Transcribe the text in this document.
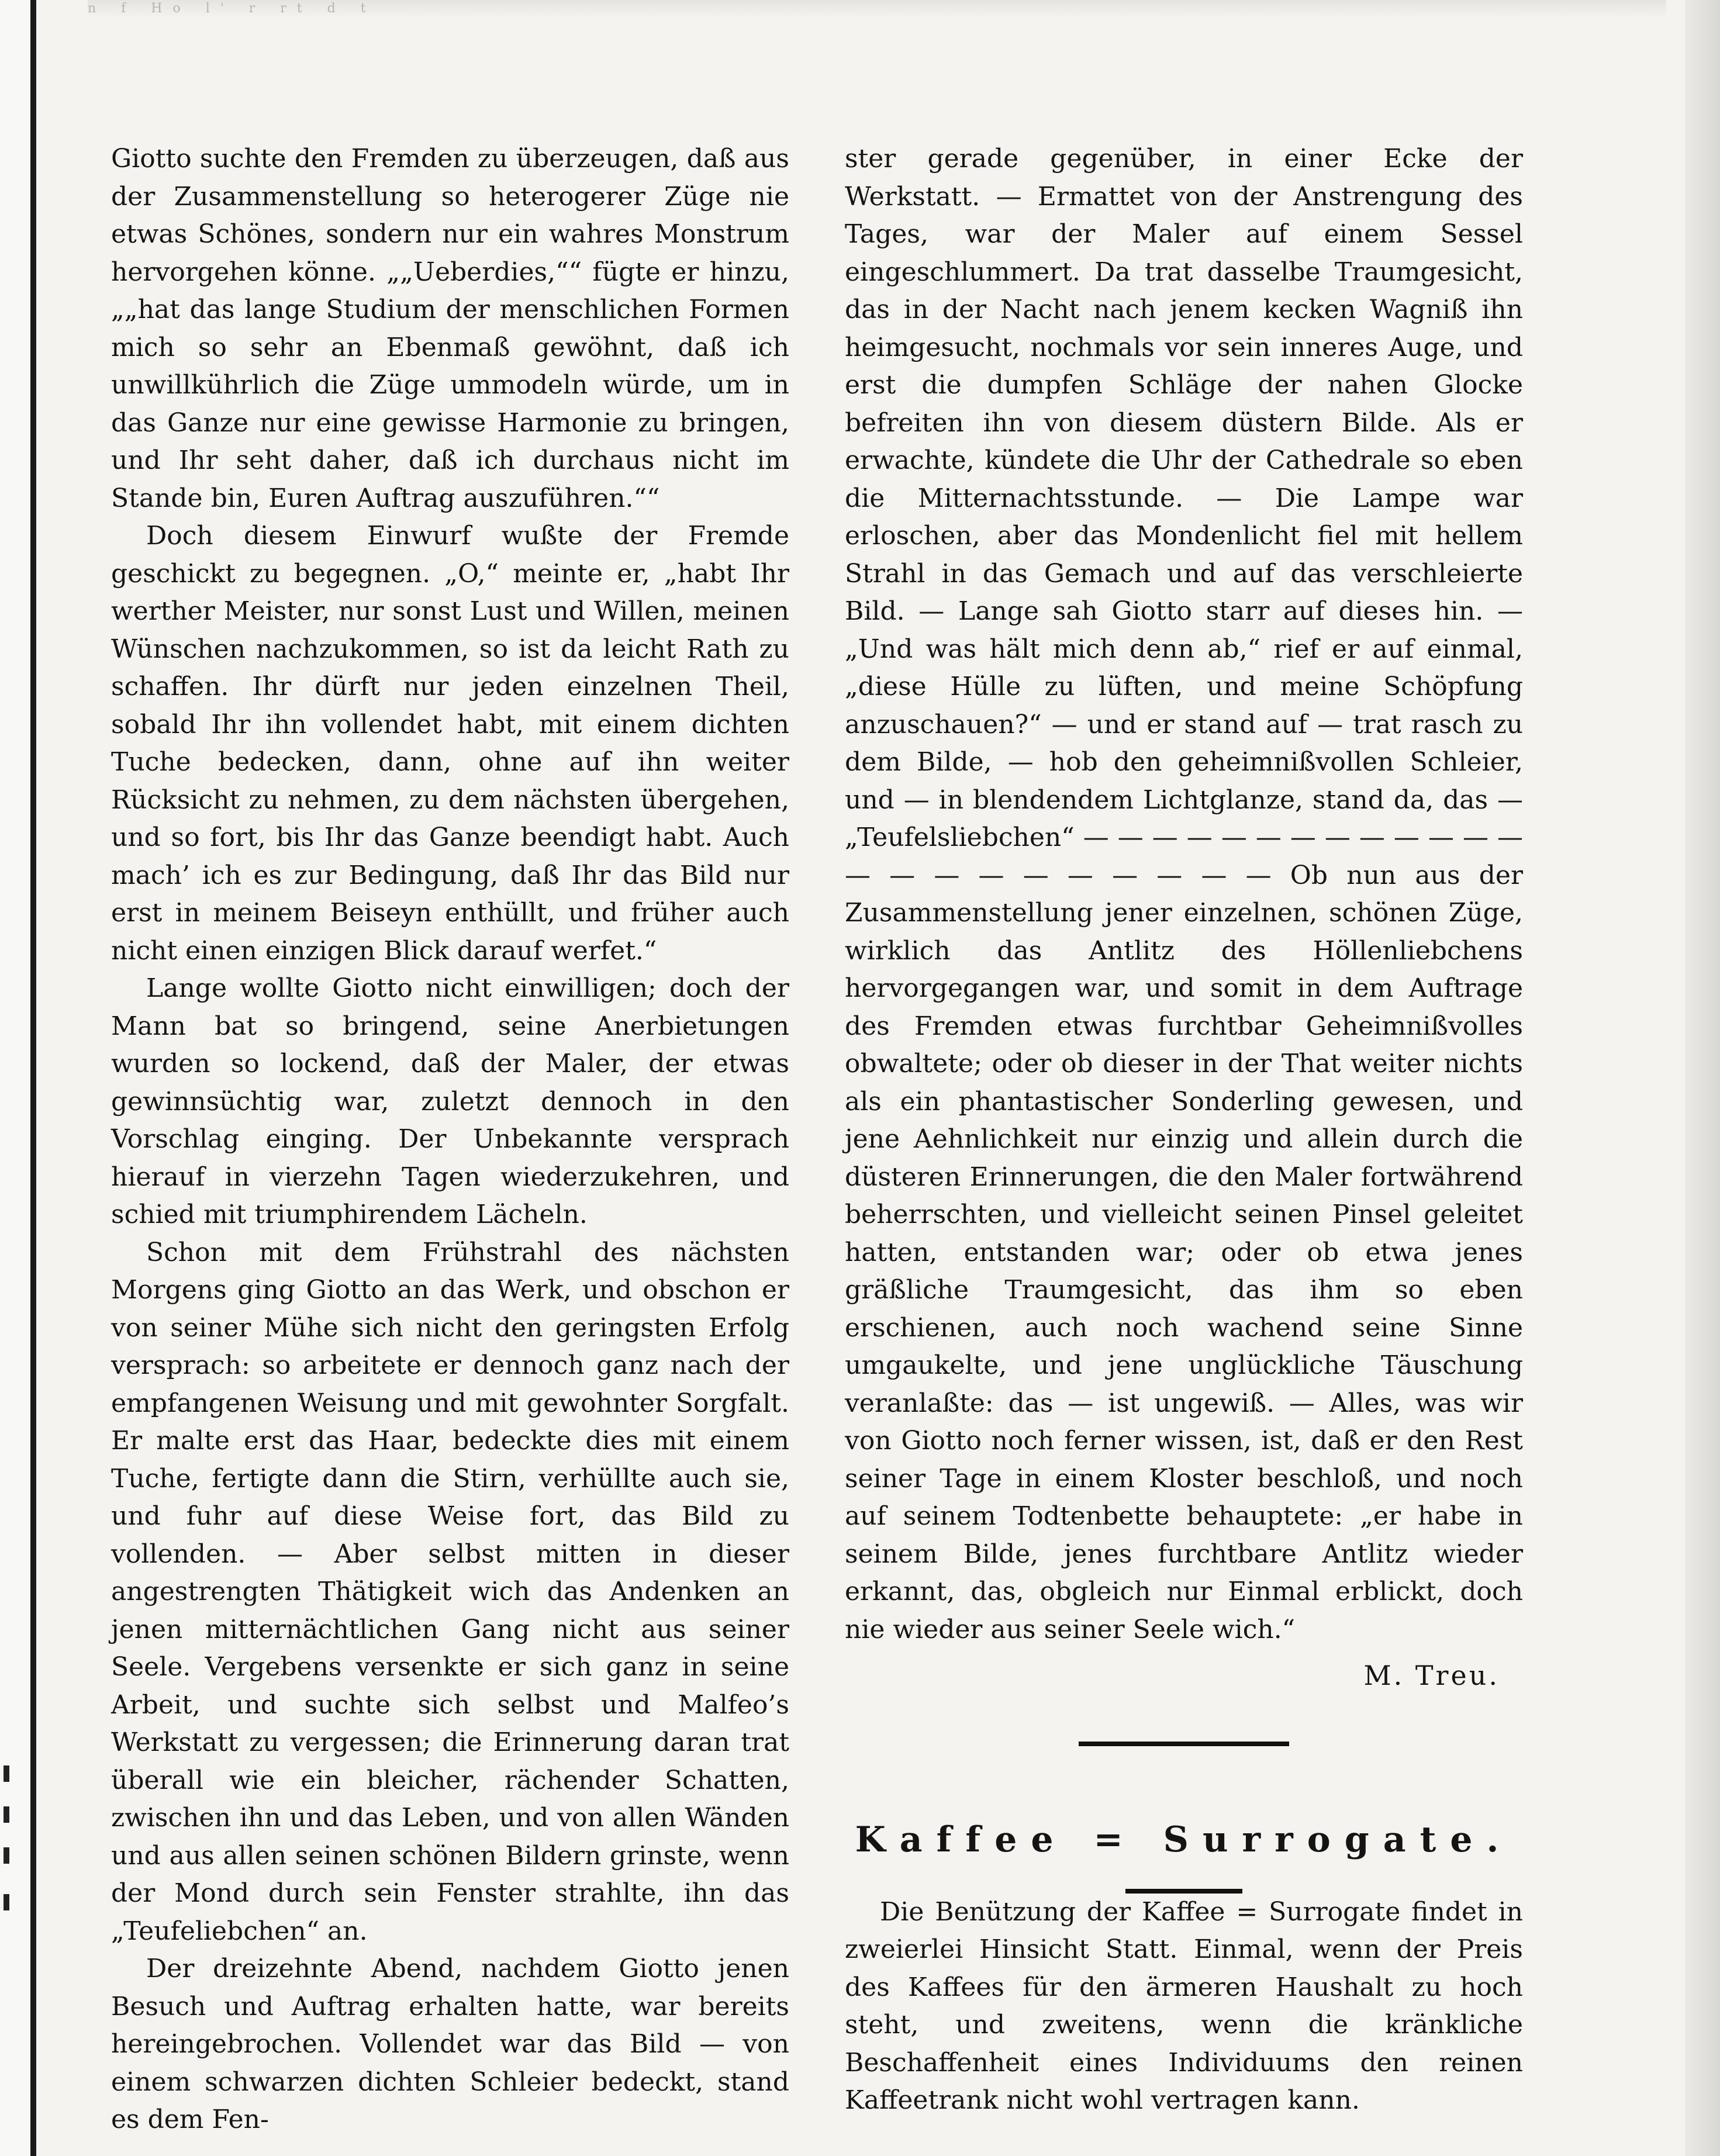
n f Ho l' r rt d t

Giotto suchte den Fremden zu überzeugen, daß aus der Zusammenstellung so heterogerer Züge nie etwas Schönes, sondern nur ein wahres Monstrum hervorgehen könne. „„Ueberdies,““ fügte er hinzu, „„hat das lange Studium der menschlichen Formen mich so sehr an Ebenmaß gewöhnt, daß ich unwillkührlich die Züge ummodeln würde, um in das Ganze nur eine gewisse Harmonie zu bringen, und Ihr seht daher, daß ich durchaus nicht im Stande bin, Euren Auftrag auszuführen.““

Doch diesem Einwurf wußte der Fremde geschickt zu begegnen. „O,“ meinte er, „habt Ihr werther Meister, nur sonst Lust und Willen, meinen Wünschen nachzukommen, so ist da leicht Rath zu schaffen. Ihr dürft nur jeden einzelnen Theil, sobald Ihr ihn vollendet habt, mit einem dichten Tuche bedecken, dann, ohne auf ihn weiter Rücksicht zu nehmen, zu dem nächsten übergehen, und so fort, bis Ihr das Ganze beendigt habt. Auch mach’ ich es zur Bedingung, daß Ihr das Bild nur erst in meinem Beiseyn enthüllt, und früher auch nicht einen einzigen Blick darauf werfet.“

Lange wollte Giotto nicht einwilligen; doch der Mann bat so bringend, seine Anerbietungen wurden so lockend, daß der Maler, der etwas gewinnsüchtig war, zuletzt dennoch in den Vorschlag einging. Der Unbekannte versprach hierauf in vierzehn Tagen wiederzukehren, und schied mit triumphirendem Lächeln.

Schon mit dem Frühstrahl des nächsten Morgens ging Giotto an das Werk, und obschon er von seiner Mühe sich nicht den geringsten Erfolg versprach: so arbeitete er dennoch ganz nach der empfangenen Weisung und mit gewohnter Sorgfalt. Er malte erst das Haar, bedeckte dies mit einem Tuche, fertigte dann die Stirn, verhüllte auch sie, und fuhr auf diese Weise fort, das Bild zu vollenden. — Aber selbst mitten in dieser angestrengten Thätigkeit wich das Andenken an jenen mitternächtlichen Gang nicht aus seiner Seele. Vergebens versenkte er sich ganz in seine Arbeit, und suchte sich selbst und Malfeo’s Werkstatt zu vergessen; die Erinnerung daran trat überall wie ein bleicher, rächender Schatten, zwischen ihn und das Leben, und von allen Wänden und aus allen seinen schönen Bildern grinste, wenn der Mond durch sein Fenster strahlte, ihn das „Teufeliebchen“ an.

Der dreizehnte Abend, nachdem Giotto jenen Besuch und Auftrag erhalten hatte, war bereits hereingebrochen. Vollendet war das Bild — von einem schwarzen dichten Schleier bedeckt, stand es dem Fen-

ster gerade gegenüber, in einer Ecke der Werkstatt. — Ermattet von der Anstrengung des Tages, war der Maler auf einem Sessel eingeschlummert. Da trat dasselbe Traumgesicht, das in der Nacht nach jenem kecken Wagniß ihn heimgesucht, nochmals vor sein inneres Auge, und erst die dumpfen Schläge der nahen Glocke befreiten ihn von diesem düstern Bilde. Als er erwachte, kündete die Uhr der Cathedrale so eben die Mitternachtsstunde. — Die Lampe war erloschen, aber das Mondenlicht fiel mit hellem Strahl in das Gemach und auf das verschleierte Bild. — Lange sah Giotto starr auf dieses hin. — „Und was hält mich denn ab,“ rief er auf einmal, „diese Hülle zu lüften, und meine Schöpfung anzuschauen?“ — und er stand auf — trat rasch zu dem Bilde, — hob den geheimnißvollen Schleier, und — in blendendem Lichtglanze, stand da, das — „Teufelsliebchen“ — — — — — — — — — — — — — — — — — — — — — — — Ob nun aus der Zusammenstellung jener einzelnen, schönen Züge, wirklich das Antlitz des Höllenliebchens hervorgegangen war, und somit in dem Auftrage des Fremden etwas furchtbar Geheimnißvolles obwaltete; oder ob dieser in der That weiter nichts als ein phantastischer Sonderling gewesen, und jene Aehnlichkeit nur einzig und allein durch die düsteren Erinnerungen, die den Maler fortwährend beherrschten, und vielleicht seinen Pinsel geleitet hatten, entstanden war; oder ob etwa jenes gräßliche Traumgesicht, das ihm so eben erschienen, auch noch wachend seine Sinne umgaukelte, und jene unglückliche Täuschung veranlaßte: das — ist ungewiß. — Alles, was wir von Giotto noch ferner wissen, ist, daß er den Rest seiner Tage in einem Kloster beschloß, und noch auf seinem Todtenbette behauptete: „er habe in seinem Bilde, jenes furchtbare Antlitz wieder erkannt, das, obgleich nur Einmal erblickt, doch nie wieder aus seiner Seele wich.“

M. Treu.
Kaffee = Surrogate.

Die Benützung der Kaffee = Surrogate findet in zweierlei Hinsicht Statt. Einmal, wenn der Preis des Kaffees für den ärmeren Haushalt zu hoch steht, und zweitens, wenn die kränkliche Beschaffenheit eines Individuums den reinen Kaffeetrank nicht wohl vertragen kann.
